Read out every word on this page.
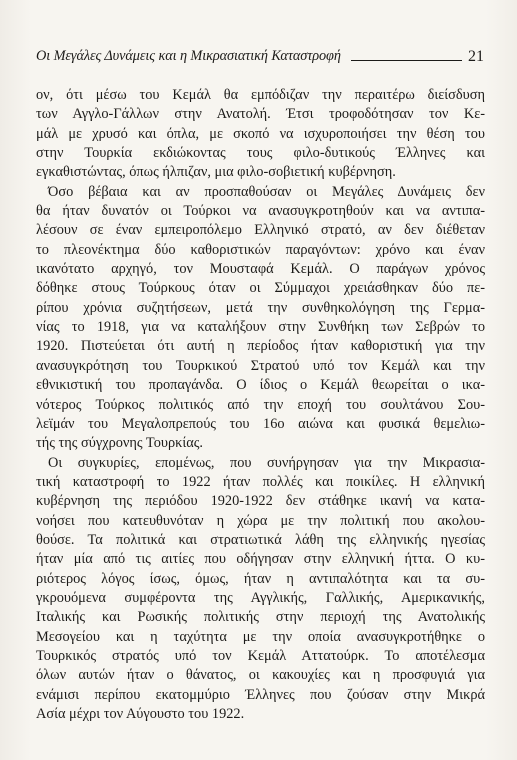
Οι Μεγάλες Δυνάμεις και η Μικρασιατική Καταστροφή	21

ον, ότι μέσω του Κεμάλ θα εμπόδιζαν την περαιτέρω διείσδυση
των Αγγλο-Γάλλων στην Ανατολή. Έτσι τροφοδότησαν τον Κε-
μάλ με χρυσό και όπλα, με σκοπό να ισχυροποιήσει την θέση του
στην Τουρκία εκδιώκοντας τους φιλο-δυτικούς Έλληνες και
εγκαθιστώντας, όπως ήλπιζαν, μια φιλο-σοβιετική κυβέρνηση.

Όσο βέβαια και αν προσπαθούσαν οι Μεγάλες Δυνάμεις δεν
θα ήταν δυνατόν οι Τούρκοι να ανασυγκροτηθούν και να αντιπα-
λέσουν σε έναν εμπειροπόλεμο Ελληνικό στρατό, αν δεν διέθεταν
το πλεονέκτημα δύο καθοριστικών παραγόντων: χρόνο και έναν
ικανότατο αρχηγό, τον Μουσταφά Κεμάλ. Ο παράγων χρόνος
δόθηκε στους Τούρκους όταν οι Σύμμαχοι χρειάσθηκαν δύο πε-
ρίπου χρόνια συζητήσεων, μετά την συνθηκολόγηση της Γερμα-
νίας το 1918, για να καταλήξουν στην Συνθήκη των Σεβρών το
1920. Πιστεύεται ότι αυτή η περίοδος ήταν καθοριστική για την
ανασυγκρότηση του Τουρκικού Στρατού υπό τον Κεμάλ και την
εθνικιστική του προπαγάνδα. Ο ίδιος ο Κεμάλ θεωρείται ο ικα-
νότερος Τούρκος πολιτικός από την εποχή του σουλτάνου Σου-
λεϊμάν του Μεγαλοπρεπούς του 16ο αιώνα και φυσικά θεμελιω-
τής της σύγχρονης Τουρκίας.

Οι συγκυρίες, επομένως, που συνήργησαν για την Μικρασια-
τική καταστροφή το 1922 ήταν πολλές και ποικίλες. Η ελληνική
κυβέρνηση της περιόδου 1920-1922 δεν στάθηκε ικανή να κατα-
νοήσει που κατευθυνόταν η χώρα με την πολιτική που ακολου-
θούσε. Τα πολιτικά και στρατιωτικά λάθη της ελληνικής ηγεσίας
ήταν μία από τις αιτίες που οδήγησαν στην ελληνική ήττα. Ο κυ-
ριότερος λόγος ίσως, όμως, ήταν η αντιπαλότητα και τα συ-
γκρουόμενα συμφέροντα της Αγγλικής, Γαλλικής, Αμερικανικής,
Ιταλικής και Ρωσικής πολιτικής στην περιοχή της Ανατολικής
Μεσογείου και η ταχύτητα με την οποία ανασυγκροτήθηκε ο
Τουρκικός στρατός υπό τον Κεμάλ Αττατούρκ. Το αποτέλεσμα
όλων αυτών ήταν ο θάνατος, οι κακουχίες και η προσφυγιά για
ενάμισι περίπου εκατομμύριο Έλληνες που ζούσαν στην Μικρά
Ασία μέχρι τον Αύγουστο του 1922.
